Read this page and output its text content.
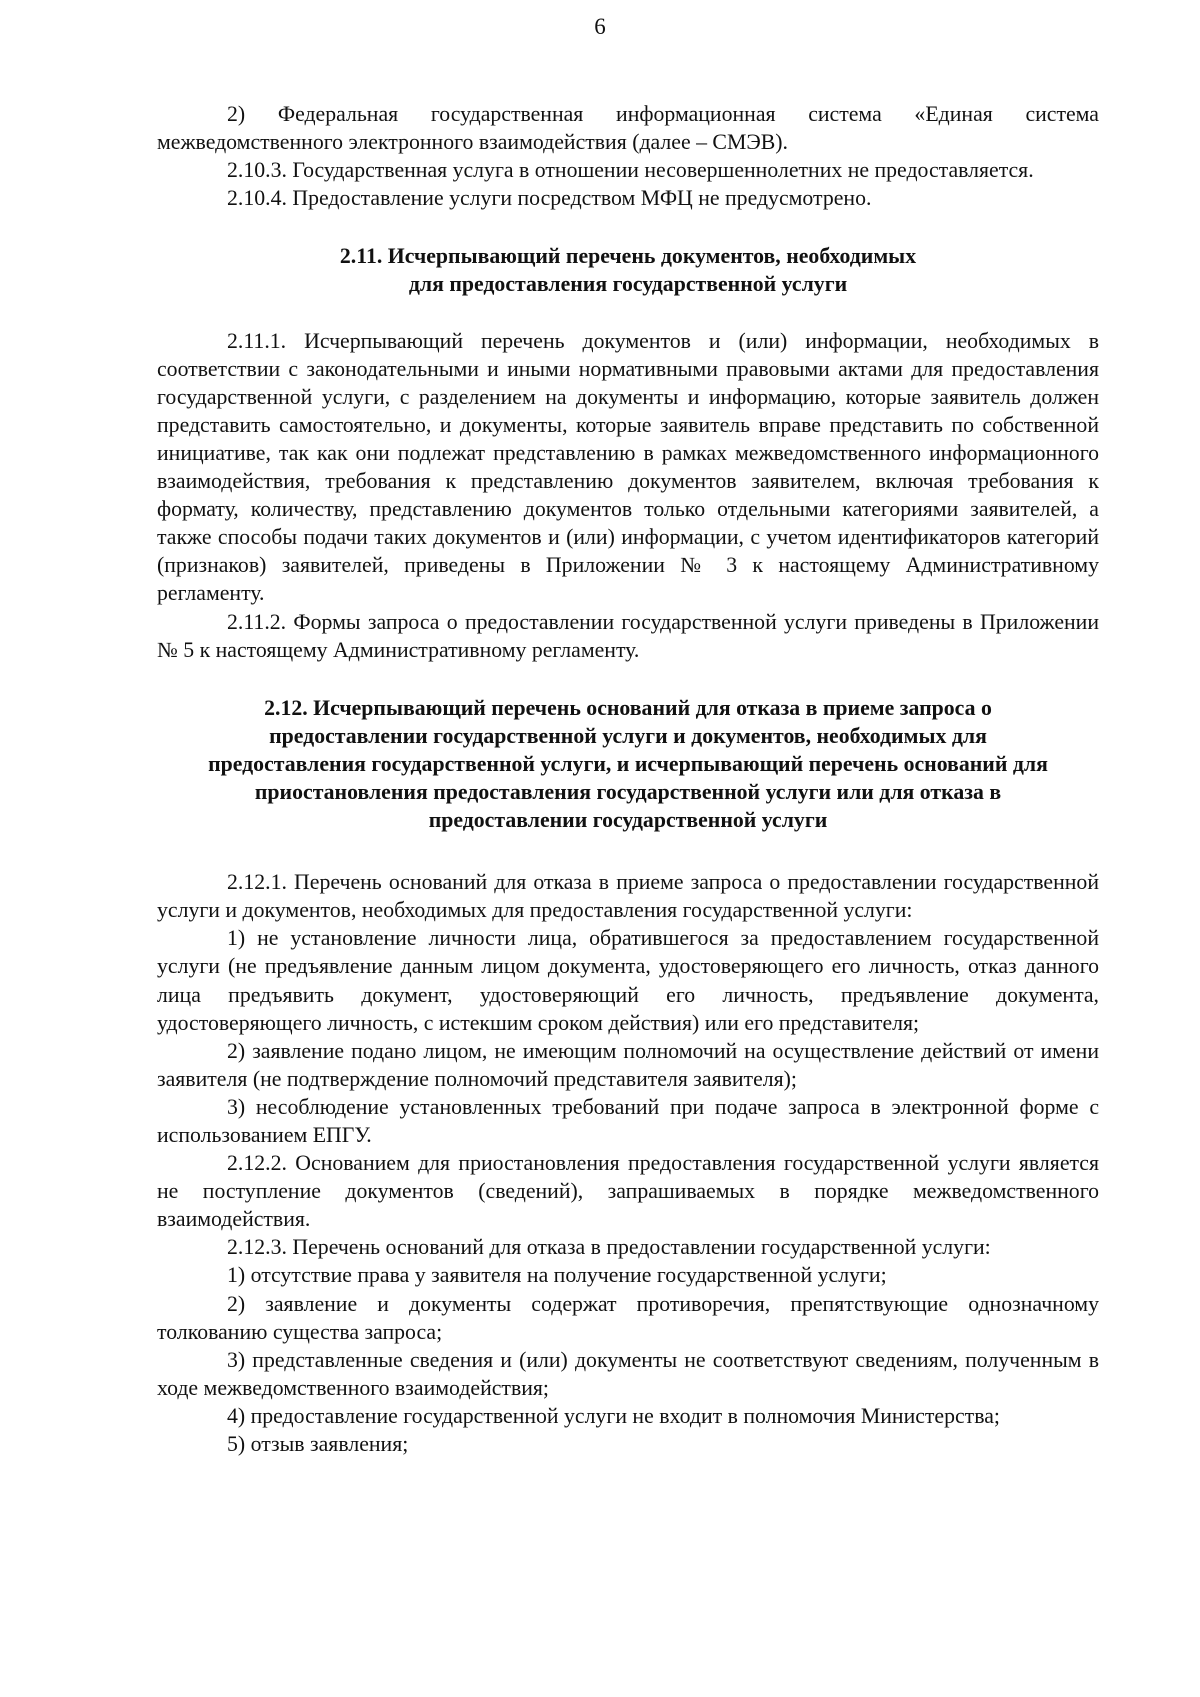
6

2) Федеральная государственная информационная система «Единая система межведомственного электронного взаимодействия (далее – СМЭВ).

2.10.3. Государственная услуга в отношении несовершеннолетних не предоставляется.

2.10.4. Предоставление услуги посредством МФЦ не предусмотрено.

2.11. Исчерпывающий перечень документов, необходимых
для предоставления государственной услуги

2.11.1. Исчерпывающий перечень документов и (или) информации, необходимых в соответствии с законодательными и иными нормативными правовыми актами для предоставления государственной услуги, с разделением на документы и информацию, которые заявитель должен представить самостоятельно, и документы, которые заявитель вправе представить по собственной инициативе, так как они подлежат представлению в рамках межведомственного информационного взаимодействия, требования к представлению документов заявителем, включая требования к формату, количеству, представлению документов только отдельными категориями заявителей, а также способы подачи таких документов и (или) информации, с учетом идентификаторов категорий (признаков) заявителей, приведены в Приложении № 3 к настоящему Административному регламенту.

2.11.2. Формы запроса о предоставлении государственной услуги приведены в Приложении № 5 к настоящему Административному регламенту.

2.12. Исчерпывающий перечень оснований для отказа в приеме запроса о
предоставлении государственной услуги и документов, необходимых для
предоставления государственной услуги, и исчерпывающий перечень оснований для
приостановления предоставления государственной услуги или для отказа в
предоставлении государственной услуги

2.12.1. Перечень оснований для отказа в приеме запроса о предоставлении государственной услуги и документов, необходимых для предоставления государственной услуги:

1) не установление личности лица, обратившегося за предоставлением государственной услуги (не предъявление данным лицом документа, удостоверяющего его личность, отказ данного лица предъявить документ, удостоверяющий его личность, предъявление документа, удостоверяющего личность, с истекшим сроком действия) или его представителя;

2) заявление подано лицом, не имеющим полномочий на осуществление действий от имени заявителя (не подтверждение полномочий представителя заявителя);

3) несоблюдение установленных требований при подаче запроса в электронной форме с использованием ЕПГУ.

2.12.2. Основанием для приостановления предоставления государственной услуги является не поступление документов (сведений), запрашиваемых в порядке межведомственного взаимодействия.

2.12.3. Перечень оснований для отказа в предоставлении государственной услуги:

1) отсутствие права у заявителя на получение государственной услуги;

2) заявление и документы содержат противоречия, препятствующие однозначному толкованию существа запроса;

3) представленные сведения и (или) документы не соответствуют сведениям, полученным в ходе межведомственного взаимодействия;

4) предоставление государственной услуги не входит в полномочия Министерства;

5) отзыв заявления;
